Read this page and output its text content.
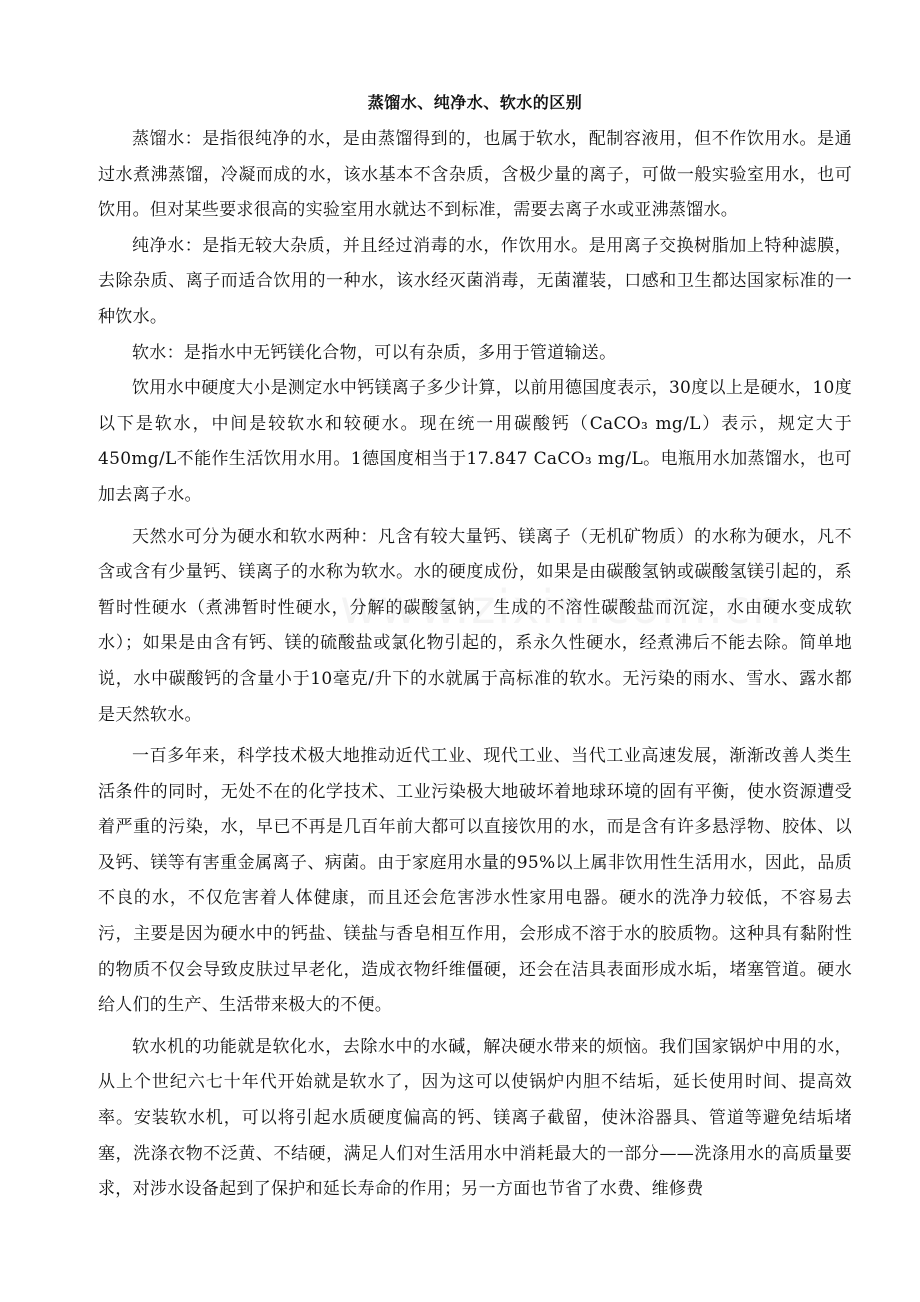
蒸馏水、纯净水、软水的区别

蒸馏水：是指很纯净的水，是由蒸馏得到的，也属于软水，配制容液用，但不作饮用水。是通过水煮沸蒸馏，冷凝而成的水，该水基本不含杂质，含极少量的离子，可做一般实验室用水，也可饮用。但对某些要求很高的实验室用水就达不到标准，需要去离子水或亚沸蒸馏水。

纯净水：是指无较大杂质，并且经过消毒的水，作饮用水。是用离子交换树脂加上特种滤膜，去除杂质、离子而适合饮用的一种水，该水经灭菌消毒，无菌灌装，口感和卫生都达国家标准的一种饮水。

软水：是指水中无钙镁化合物，可以有杂质，多用于管道输送。

饮用水中硬度大小是测定水中钙镁离子多少计算，以前用德国度表示，30度以上是硬水，10度以下是软水，中间是较软水和较硬水。现在统一用碳酸钙（CaCO₃ mg/L）表示，规定大于450mg/L不能作生活饮用水用。1德国度相当于17.847 CaCO₃ mg/L。电瓶用水加蒸馏水，也可加去离子水。

天然水可分为硬水和软水两种：凡含有较大量钙、镁离子（无机矿物质）的水称为硬水，凡不含或含有少量钙、镁离子的水称为软水。水的硬度成份，如果是由碳酸氢钠或碳酸氢镁引起的，系暂时性硬水（煮沸暂时性硬水，分解的碳酸氢钠，生成的不溶性碳酸盐而沉淀，水由硬水变成软水）；如果是由含有钙、镁的硫酸盐或氯化物引起的，系永久性硬水，经煮沸后不能去除。简单地说，水中碳酸钙的含量小于10毫克/升下的水就属于高标准的软水。无污染的雨水、雪水、露水都是天然软水。

一百多年来，科学技术极大地推动近代工业、现代工业、当代工业高速发展，渐渐改善人类生活条件的同时，无处不在的化学技术、工业污染极大地破坏着地球环境的固有平衡，使水资源遭受着严重的污染，水，早已不再是几百年前大都可以直接饮用的水，而是含有许多悬浮物、胶体、以及钙、镁等有害重金属离子、病菌。由于家庭用水量的95%以上属非饮用性生活用水，因此，品质不良的水，不仅危害着人体健康，而且还会危害涉水性家用电器。硬水的洗净力较低，不容易去污，主要是因为硬水中的钙盐、镁盐与香皂相互作用，会形成不溶于水的胶质物。这种具有黏附性的物质不仅会导致皮肤过早老化，造成衣物纤维僵硬，还会在洁具表面形成水垢，堵塞管道。硬水给人们的生产、生活带来极大的不便。

软水机的功能就是软化水，去除水中的水碱，解决硬水带来的烦恼。我们国家锅炉中用的水，从上个世纪六七十年代开始就是软水了，因为这可以使锅炉内胆不结垢，延长使用时间、提高效率。安装软水机，可以将引起水质硬度偏高的钙、镁离子截留，使沐浴器具、管道等避免结垢堵塞，洗涤衣物不泛黄、不结硬，满足人们对生活用水中消耗最大的一部分——洗涤用水的高质量要求，对涉水设备起到了保护和延长寿命的作用；另一方面也节省了水费、维修费
